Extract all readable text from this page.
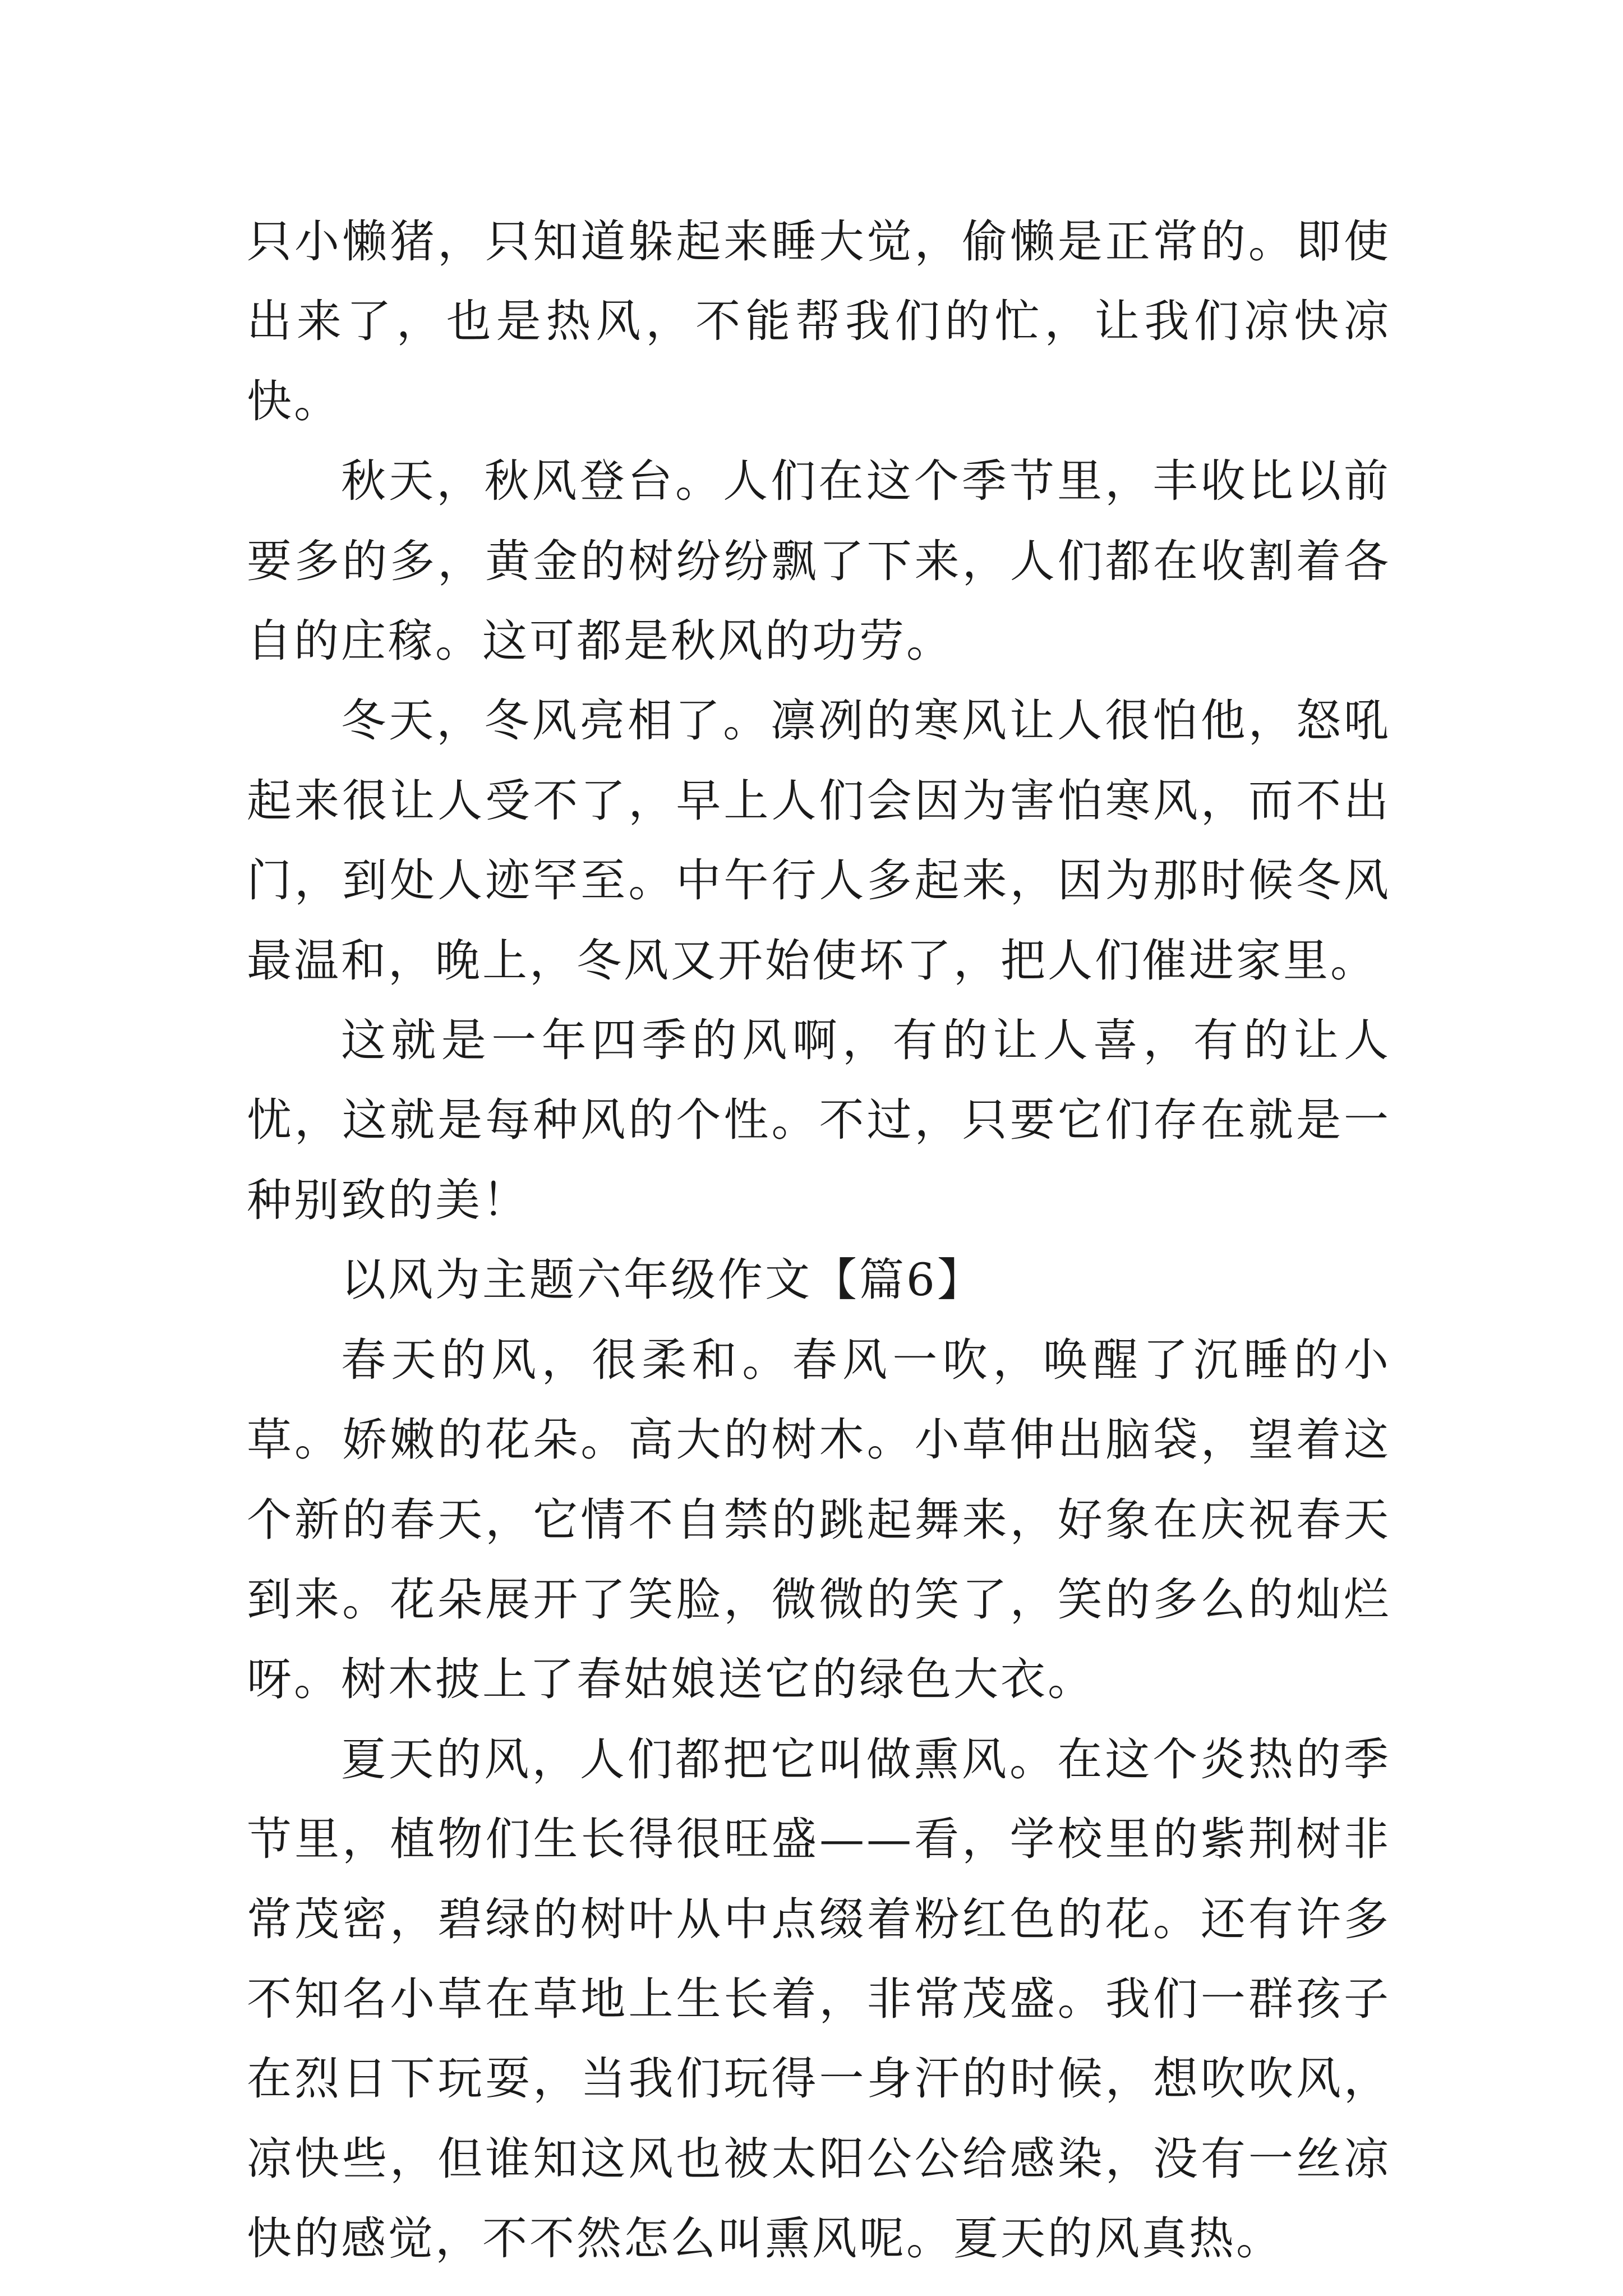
只小懒猪，只知道躲起来睡大觉，偷懒是正常的。即使出来了，也是热风，不能帮我们的忙，让我们凉快凉快。

秋天，秋风登台。人们在这个季节里，丰收比以前要多的多，黄金的树纷纷飘了下来，人们都在收割着各自的庄稼。这可都是秋风的功劳。

冬天，冬风亮相了。凛冽的寒风让人很怕他，怒吼起来很让人受不了，早上人们会因为害怕寒风，而不出门，到处人迹罕至。中午行人多起来，因为那时候冬风最温和，晚上，冬风又开始使坏了，把人们催进家里。

这就是一年四季的风啊，有的让人喜，有的让人忧，这就是每种风的个性。不过，只要它们存在就是一种别致的美！

以风为主题六年级作文【篇6】

春天的风，很柔和。春风一吹，唤醒了沉睡的小草。娇嫩的花朵。高大的树木。小草伸出脑袋，望着这个新的春天，它情不自禁的跳起舞来，好象在庆祝春天到来。花朵展开了笑脸，微微的笑了，笑的多么的灿烂呀。树木披上了春姑娘送它的绿色大衣。

夏天的风，人们都把它叫做熏风。在这个炎热的季节里，植物们生长得很旺盛——看，学校里的紫荆树非常茂密，碧绿的树叶从中点缀着粉红色的花。还有许多不知名小草在草地上生长着，非常茂盛。我们一群孩子在烈日下玩耍，当我们玩得一身汗的时候，想吹吹风，凉快些，但谁知这风也被太阳公公给感染，没有一丝凉快的感觉，不不然怎么叫熏风呢。夏天的风真热。
